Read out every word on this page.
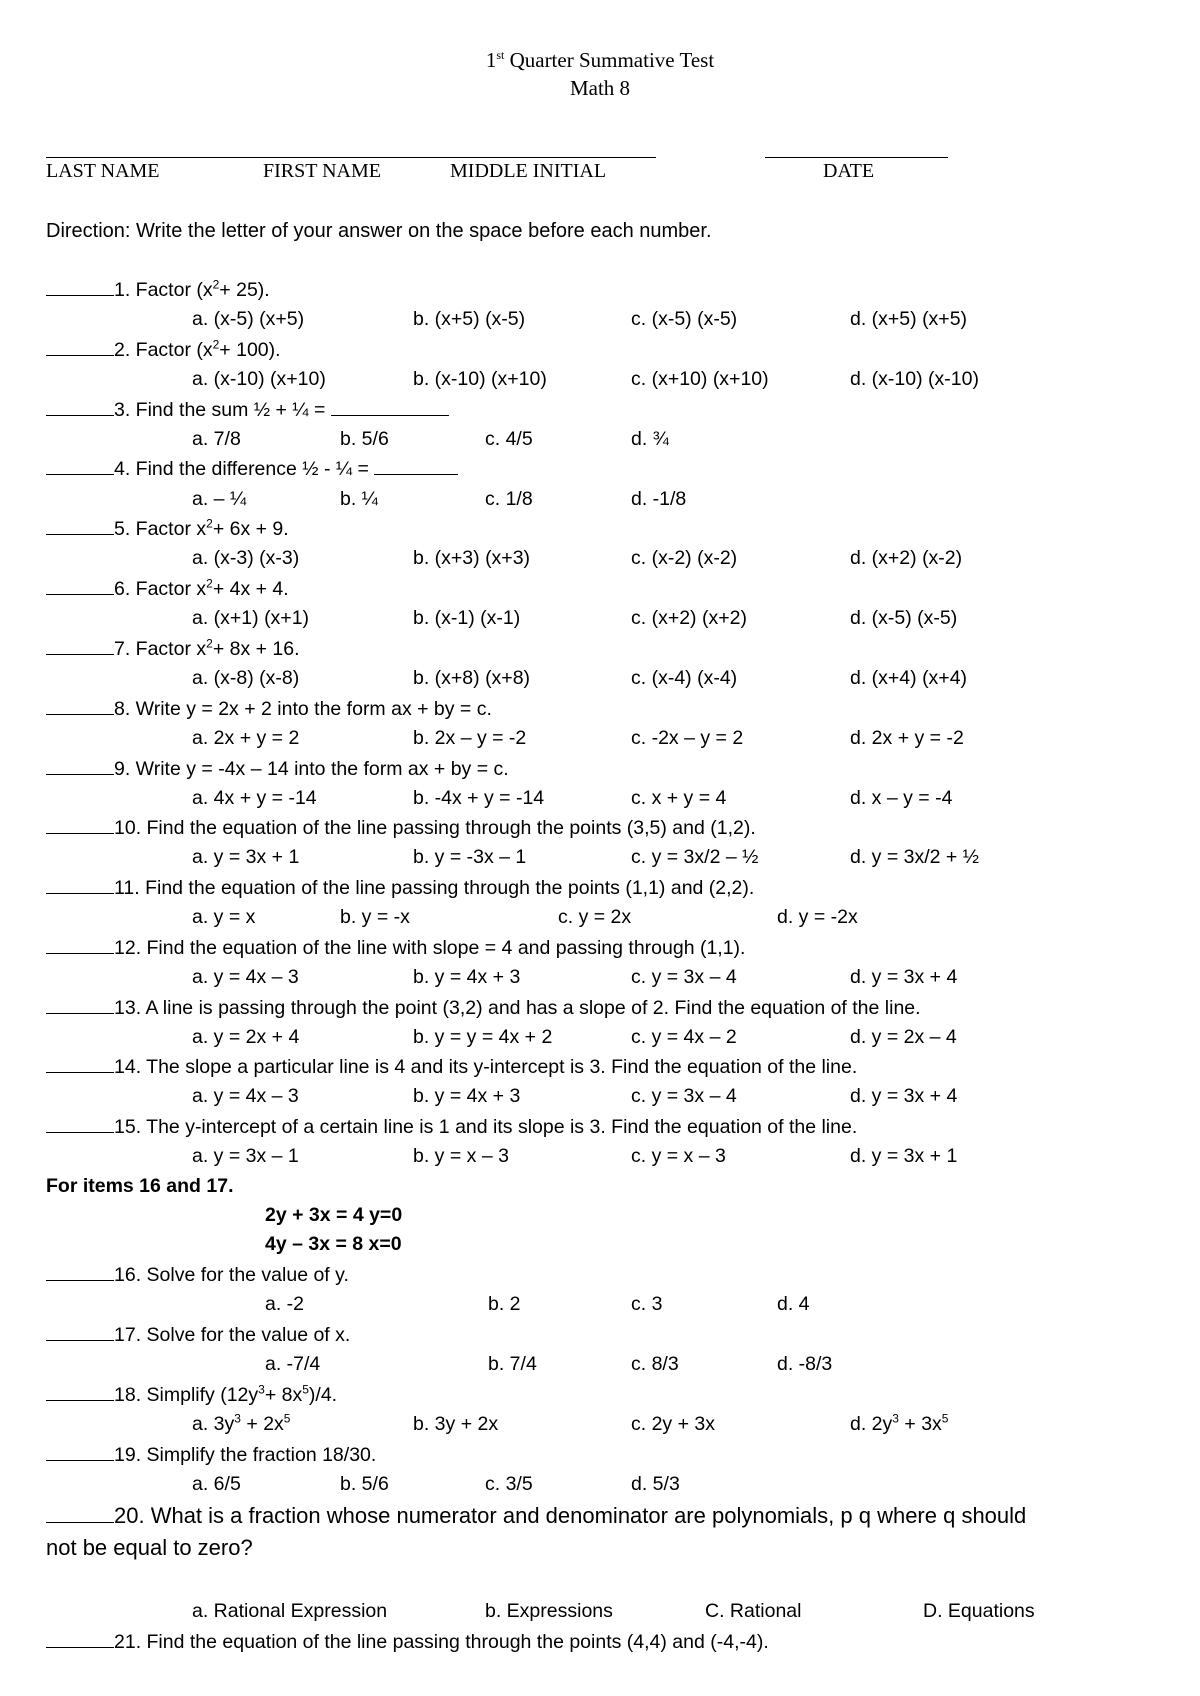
1st Quarter Summative Test
Math 8
LAST NAME	FIRST NAME	MIDDLE INITIAL	DATE
Direction: Write the letter of your answer on the space before each number.
1. Factor $(x^2+ 25)$.
a. (x-5) (x+5)	b. (x+5) (x-5)	c. (x-5) (x-5)	d. (x+5) (x+5)
2. Factor $(x^2+ 100)$.
a. (x-10) (x+10)	b. (x-10) (x+10)	c. (x+10) (x+10)	d. (x-10) (x-10)
3. Find the sum ½ + ¼ =
a. 7/8	b. 5/6	c. 4/5	d. ¾
4. Find the difference ½ - ¼ =
a. – ¼	b. ¼	c. 1/8	d. -1/8
5. Factor $x^2+ 6x + 9$.
a. (x-3) (x-3)	b. (x+3) (x+3)	c. (x-2) (x-2)	d. (x+2) (x-2)
6. Factor $x^2+ 4x + 4$.
a. (x+1) (x+1)	b. (x-1) (x-1)	c. (x+2) (x+2)	d. (x-5) (x-5)
7. Factor $x^2+ 8x + 16$.
a. (x-8) (x-8)	b. (x+8) (x+8)	c. (x-4) (x-4)	d. (x+4) (x+4)
8. Write y = 2x + 2 into the form ax + by = c.
a. 2x + y = 2	b. 2x – y = -2	c. -2x – y = 2	d. 2x + y = -2
9. Write y = -4x – 14 into the form ax + by = c.
a. 4x + y = -14	b. -4x + y = -14	c. x + y = 4	d. x – y = -4
10. Find the equation of the line passing through the points (3,5) and (1,2).
a. y = 3x + 1	b. y = -3x – 1	c. y = 3x/2 – ½	d. y = 3x/2 + ½
11. Find the equation of the line passing through the points (1,1) and (2,2).
a. y = x	b. y = -x	c. y = 2x	d. y = -2x
12. Find the equation of the line with slope = 4 and passing through (1,1).
a. y = 4x – 3	b. y = 4x + 3	c. y = 3x – 4	d. y = 3x + 4
13. A line is passing through the point (3,2) and has a slope of 2. Find the equation of the line.
a. y = 2x + 4	b. y = y = 4x + 2	c. y = 4x – 2	d. y = 2x – 4
14. The slope a particular line is 4 and its y-intercept is 3. Find the equation of the line.
a. y = 4x – 3	b. y = 4x + 3	c. y = 3x – 4	d. y = 3x + 4
15. The y-intercept of a certain line is 1 and its slope is 3. Find the equation of the line.
a. y = 3x – 1	b. y = x – 3	c. y = x – 3	d. y = 3x + 1
For items 16 and 17.
2y + 3x = 4 y=0
4y – 3x = 8 x=0
16. Solve for the value of y.
a. -2	b. 2	c. 3	d. 4
17. Solve for the value of x.
a. -7/4	b. 7/4	c. 8/3	d. -8/3
18. Simplify $(12y^3+ 8x^5)/4$.
a. $3y^3 + 2x^5$	b. 3y + 2x	c. 2y + 3x	d. $2y^3 + 3x^5$
19. Simplify the fraction 18/30.
a. 6/5	b. 5/6	c. 3/5	d. 5/3
20. What is a fraction whose numerator and denominator are polynomials, p q where q should
not be equal to zero?
a. Rational Expression	b. Expressions	C. Rational	D. Equations
21. Find the equation of the line passing through the points (4,4) and (-4,-4).
